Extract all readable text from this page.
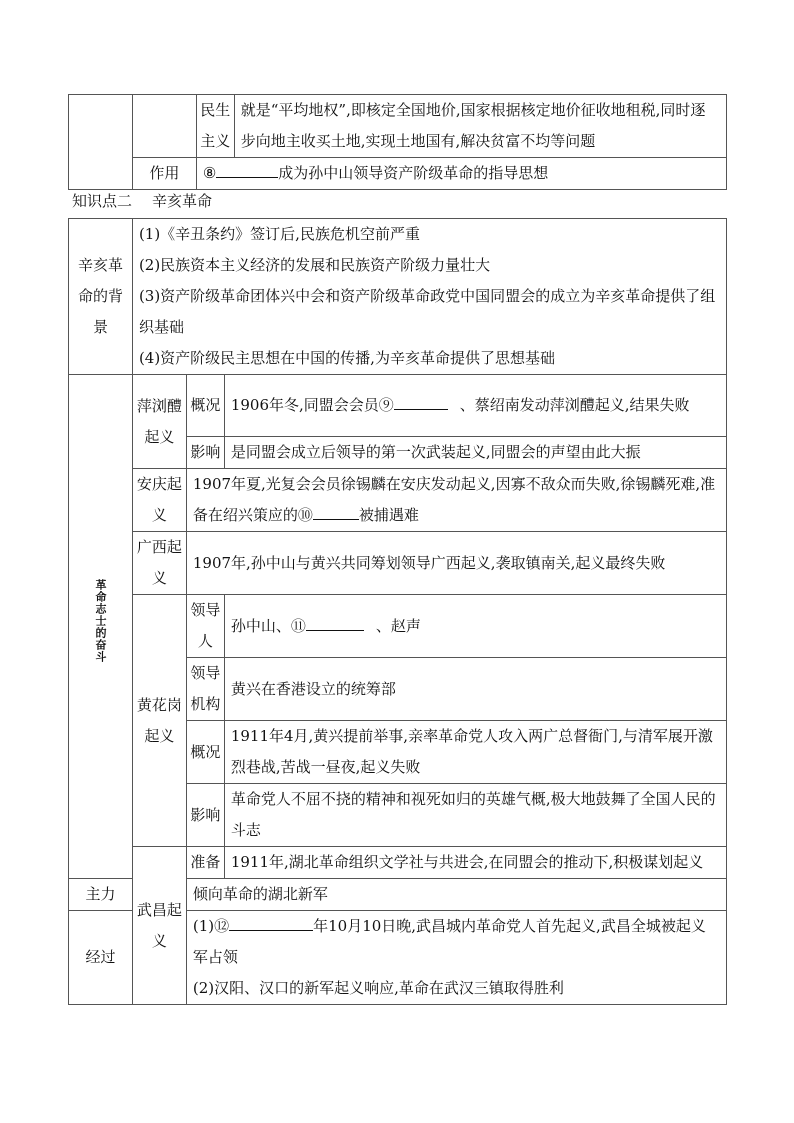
		民生主义	就是“平均地权”,即核定全国地价,国家根据核定地价征收地租税,同时逐步向地主收买土地,实现土地国有,解决贫富不均等问题
	作用	⑧ 成为孙中山领导资产阶级革命的指导思想	
知识点二 辛亥革命
辛亥革命的背景	(1)《辛丑条约》签订后,民族危机空前严重
(2)民族资本主义经济的发展和民族资产阶级力量壮大
(3)资产阶级革命团体兴中会和资产阶级革命政党中国同盟会的成立为辛亥革命提供了组织基础
(4)资产阶级民主思想在中国的传播,为辛亥革命提供了思想基础		

革命志士的奋斗	萍浏醴起义	概况	1906年冬,同盟会会员⑨ 、蔡绍南发动萍浏醴起义,结果失败
		影响	是同盟会成立后领导的第一次武装起义,同盟会的声望由此大振
	安庆起义	1907年夏,光复会会员徐锡麟在安庆发动起义,因寡不敌众而失败,徐锡麟死难,准备在绍兴策应的⑩ 被捕遇难	
	广西起义	1907年,孙中山与黄兴共同筹划领导广西起义,袭取镇南关,起义最终失败	
	黄花岗起义	领导人	孙中山、⑪ 、赵声
		领导机构	黄兴在香港设立的统筹部
		概况	1911年4月,黄兴提前举事,亲率革命党人攻入两广总督衙门,与清军展开激烈巷战,苦战一昼夜,起义失败
		影响	革命党人不屈不挠的精神和视死如归的英雄气概,极大地鼓舞了全国人民的斗志
	武昌起义	准备	1911年,湖北革命组织文学社与共进会,在同盟会的推动下,积极谋划起义
主力		倾向革命的湖北新军	
经过		(1)⑫ 年10月10日晚,武昌城内革命党人首先起义,武昌全城被起义军占领
(2)汉阳、汉口的新军起义响应,革命在武汉三镇取得胜利	
